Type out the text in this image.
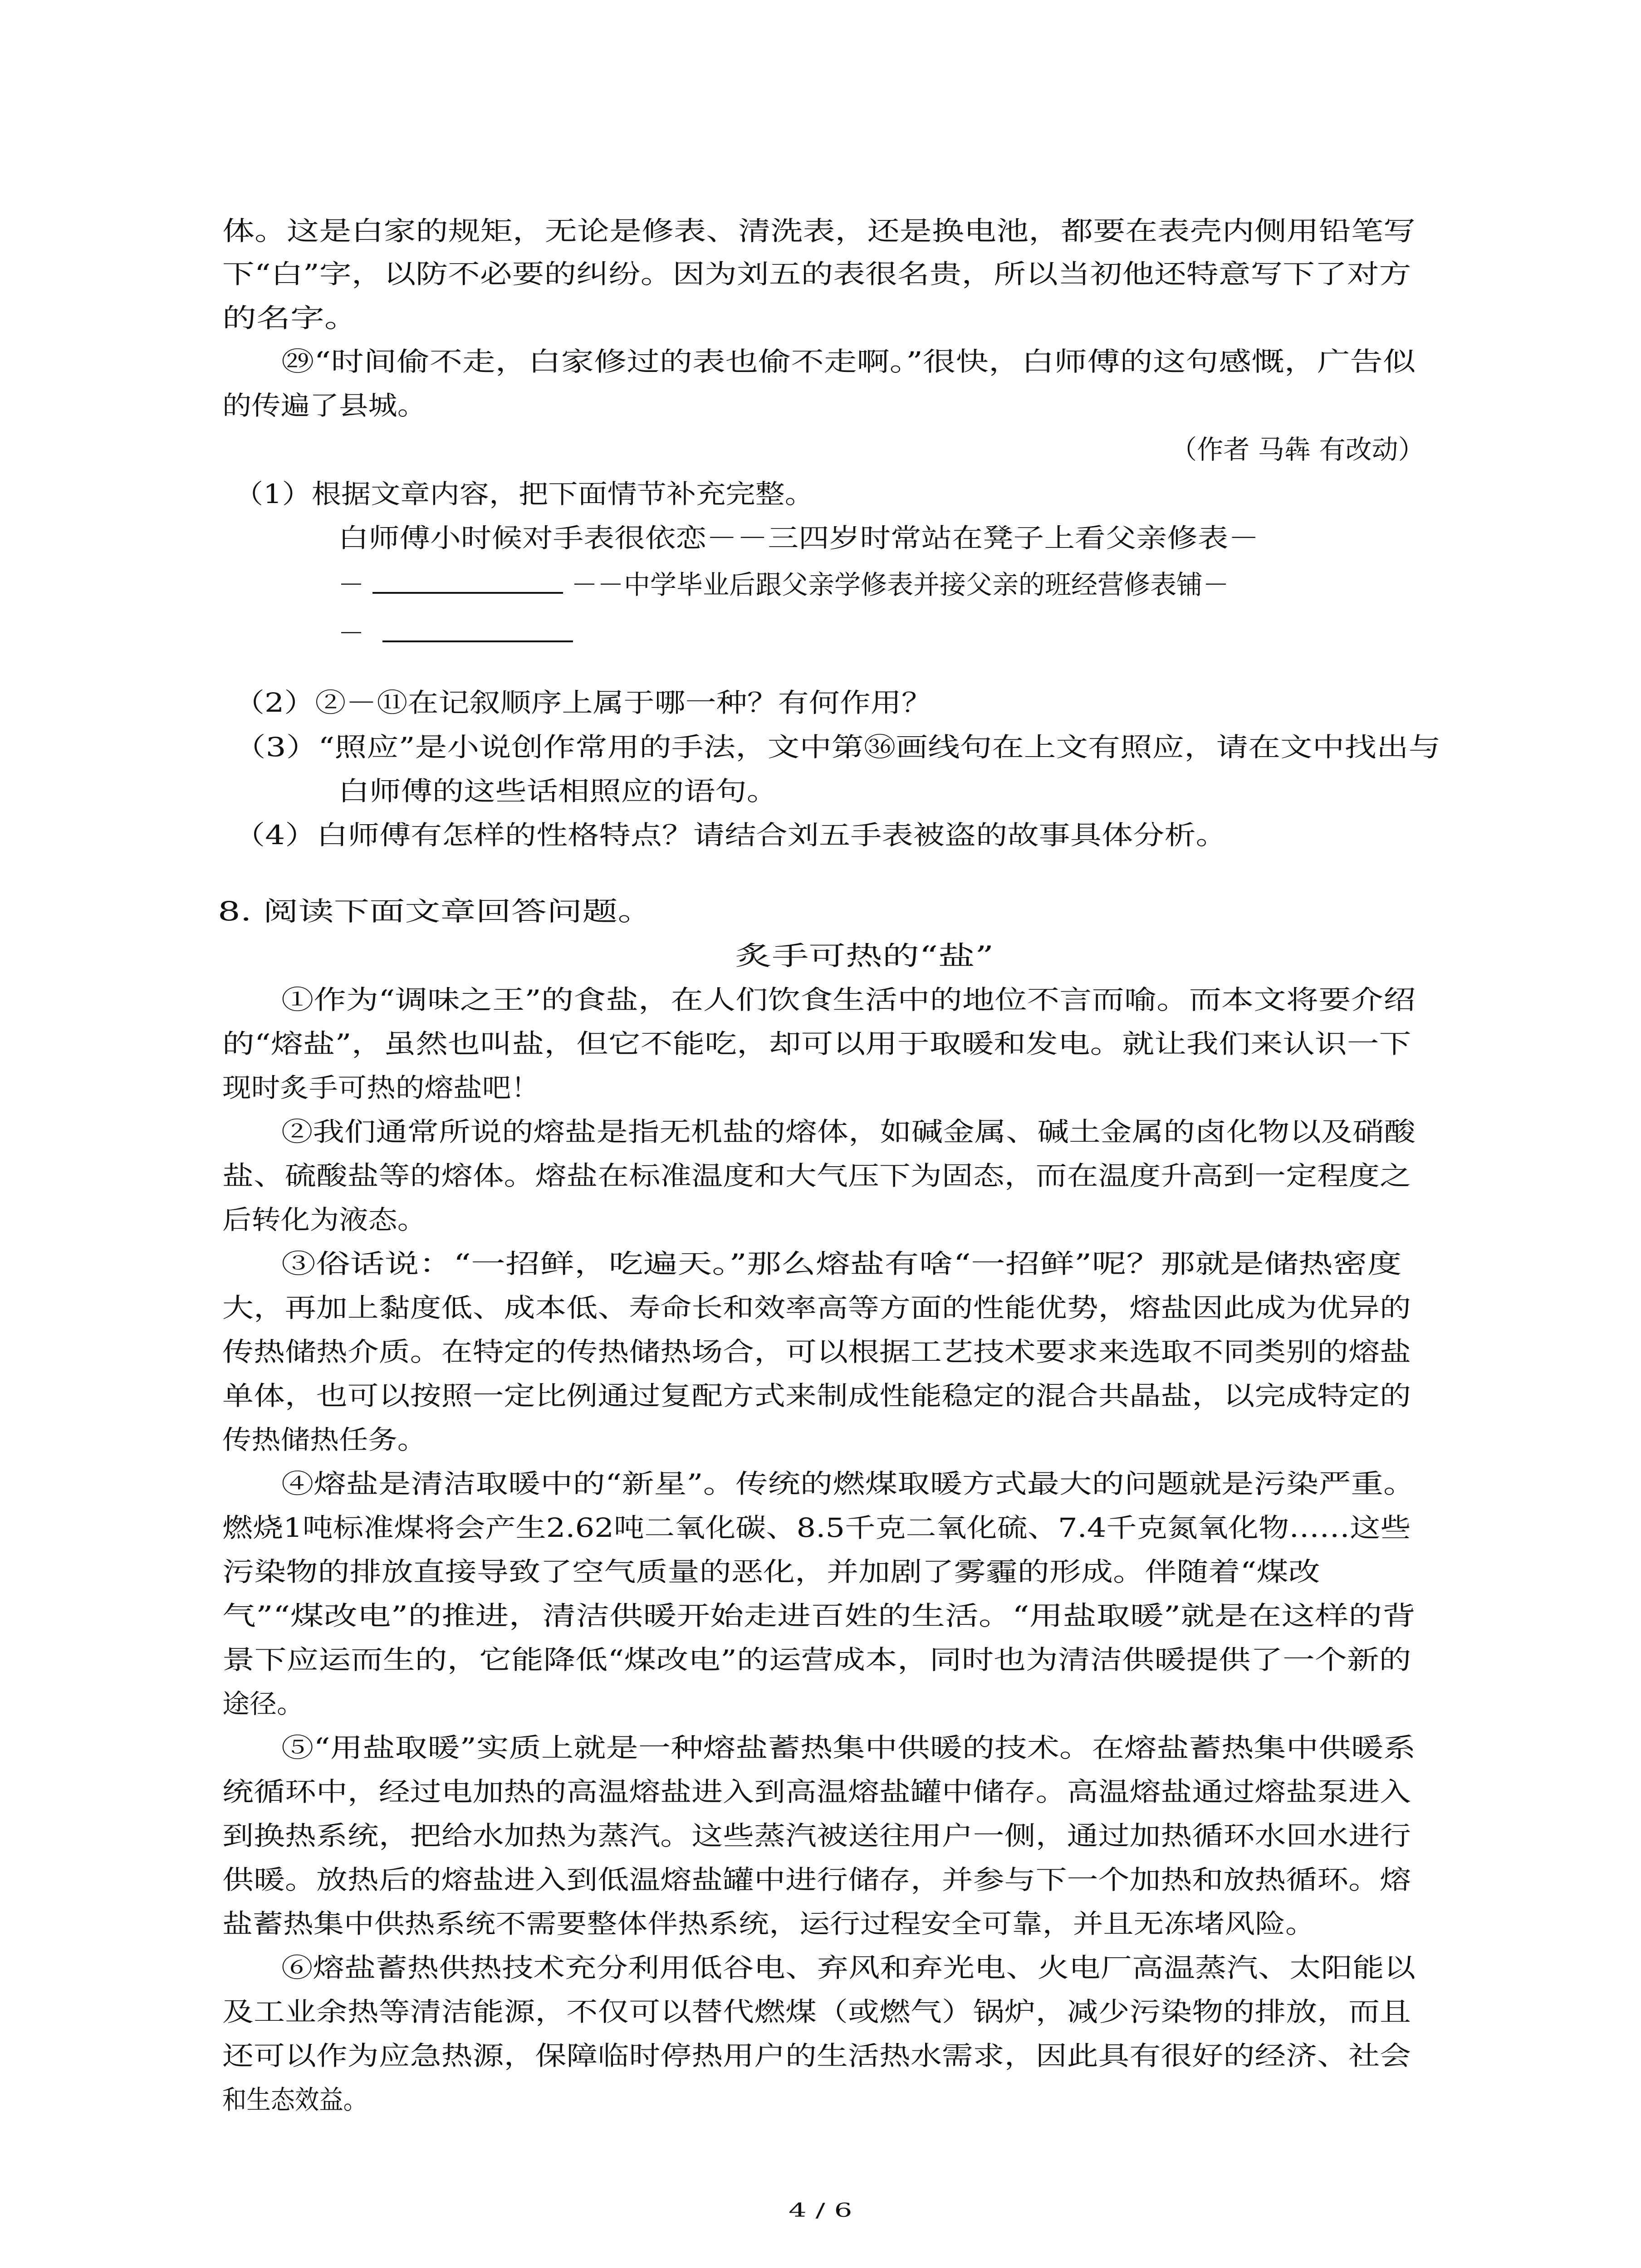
体。这是白家的规矩，无论是修表、清洗表，还是换电池，都要在表壳内侧用铅笔写
下“白”字，以防不必要的纠纷。因为刘五的表很名贵，所以当初他还特意写下了对方
的名字。
㉙“时间偷不走，白家修过的表也偷不走啊。”很快，白师傅的这句感慨，广告似
的传遍了县城。
（作者 马犇 有改动）
（1）根据文章内容，把下面情节补充完整。
白师傅小时候对手表很依恋－－三四岁时常站在凳子上看父亲修表－
－	－－中学毕业后跟父亲学修表并接父亲的班经营修表铺－
－
（2）②－⑪在记叙顺序上属于哪一种？有何作用？
（3）“照应”是小说创作常用的手法，文中第㊱画线句在上文有照应，请在文中找出与
白师傅的这些话相照应的语句。
（4）白师傅有怎样的性格特点？请结合刘五手表被盗的故事具体分析。
8. 阅读下面文章回答问题。
炙手可热的“盐”
①作为“调味之王”的食盐，在人们饮食生活中的地位不言而喻。而本文将要介绍
的“熔盐”，虽然也叫盐，但它不能吃，却可以用于取暖和发电。就让我们来认识一下
现时炙手可热的熔盐吧！
②我们通常所说的熔盐是指无机盐的熔体，如碱金属、碱土金属的卤化物以及硝酸
盐、硫酸盐等的熔体。熔盐在标准温度和大气压下为固态，而在温度升高到一定程度之
后转化为液态。
③俗话说：“一招鲜，吃遍天。”那么熔盐有啥“一招鲜”呢？那就是储热密度
大，再加上黏度低、成本低、寿命长和效率高等方面的性能优势，熔盐因此成为优异的
传热储热介质。在特定的传热储热场合，可以根据工艺技术要求来选取不同类别的熔盐
单体，也可以按照一定比例通过复配方式来制成性能稳定的混合共晶盐，以完成特定的
传热储热任务。
④熔盐是清洁取暖中的“新星”。传统的燃煤取暖方式最大的问题就是污染严重。
燃烧1吨标准煤将会产生2.62吨二氧化碳、8.5千克二氧化硫、7.4千克氮氧化物……这些
污染物的排放直接导致了空气质量的恶化，并加剧了雾霾的形成。伴随着“煤改
气”“煤改电”的推进，清洁供暖开始走进百姓的生活。“用盐取暖”就是在这样的背
景下应运而生的，它能降低“煤改电”的运营成本，同时也为清洁供暖提供了一个新的
途径。
⑤“用盐取暖”实质上就是一种熔盐蓄热集中供暖的技术。在熔盐蓄热集中供暖系
统循环中，经过电加热的高温熔盐进入到高温熔盐罐中储存。高温熔盐通过熔盐泵进入
到换热系统，把给水加热为蒸汽。这些蒸汽被送往用户一侧，通过加热循环水回水进行
供暖。放热后的熔盐进入到低温熔盐罐中进行储存，并参与下一个加热和放热循环。熔
盐蓄热集中供热系统不需要整体伴热系统，运行过程安全可靠，并且无冻堵风险。
⑥熔盐蓄热供热技术充分利用低谷电、弃风和弃光电、火电厂高温蒸汽、太阳能以
及工业余热等清洁能源，不仅可以替代燃煤（或燃气）锅炉，减少污染物的排放，而且
还可以作为应急热源，保障临时停热用户的生活热水需求，因此具有很好的经济、社会
和生态效益。
4 / 6
